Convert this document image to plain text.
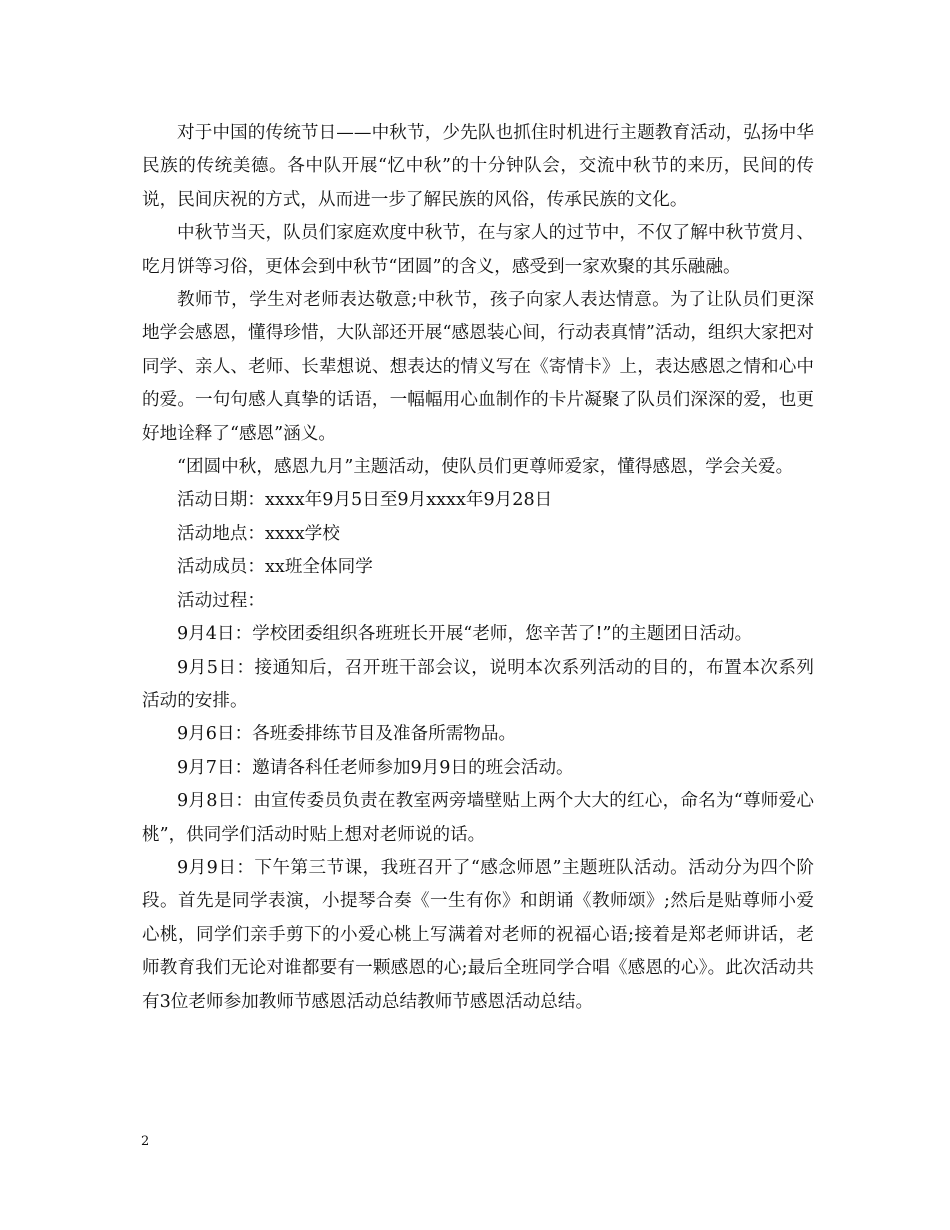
对于中国的传统节日——中秋节，少先队也抓住时机进行主题教育活动，弘扬中华民族的传统美德。各中队开展“忆中秋”的十分钟队会，交流中秋节的来历，民间的传说，民间庆祝的方式，从而进一步了解民族的风俗，传承民族的文化。

中秋节当天，队员们家庭欢度中秋节，在与家人的过节中，不仅了解中秋节赏月、吃月饼等习俗，更体会到中秋节“团圆”的含义，感受到一家欢聚的其乐融融。

教师节，学生对老师表达敬意;中秋节，孩子向家人表达情意。为了让队员们更深地学会感恩，懂得珍惜，大队部还开展“感恩装心间，行动表真情”活动，组织大家把对同学、亲人、老师、长辈想说、想表达的情义写在《寄情卡》上，表达感恩之情和心中的爱。一句句感人真挚的话语，一幅幅用心血制作的卡片凝聚了队员们深深的爱，也更好地诠释了“感恩”涵义。

“团圆中秋，感恩九月”主题活动，使队员们更尊师爱家，懂得感恩，学会关爱。

活动日期：xxxx年9月5日至9月xxxx年9月28日

活动地点：xxxx学校

活动成员：xx班全体同学

活动过程：

9月4日：学校团委组织各班班长开展“老师，您辛苦了!”的主题团日活动。

9月5日：接通知后，召开班干部会议，说明本次系列活动的目的，布置本次系列活动的安排。

9月6日：各班委排练节目及准备所需物品。

9月7日：邀请各科任老师参加9月9日的班会活动。

9月8日：由宣传委员负责在教室两旁墙壁贴上两个大大的红心，命名为“尊师爱心桃”，供同学们活动时贴上想对老师说的话。

9月9日：下午第三节课，我班召开了“感念师恩”主题班队活动。活动分为四个阶段。首先是同学表演，小提琴合奏《一生有你》和朗诵《教师颂》;然后是贴尊师小爱心桃，同学们亲手剪下的小爱心桃上写满着对老师的祝福心语;接着是郑老师讲话，老师教育我们无论对谁都要有一颗感恩的心;最后全班同学合唱《感恩的心》。此次活动共有3位老师参加教师节感恩活动总结教师节感恩活动总结。

2
